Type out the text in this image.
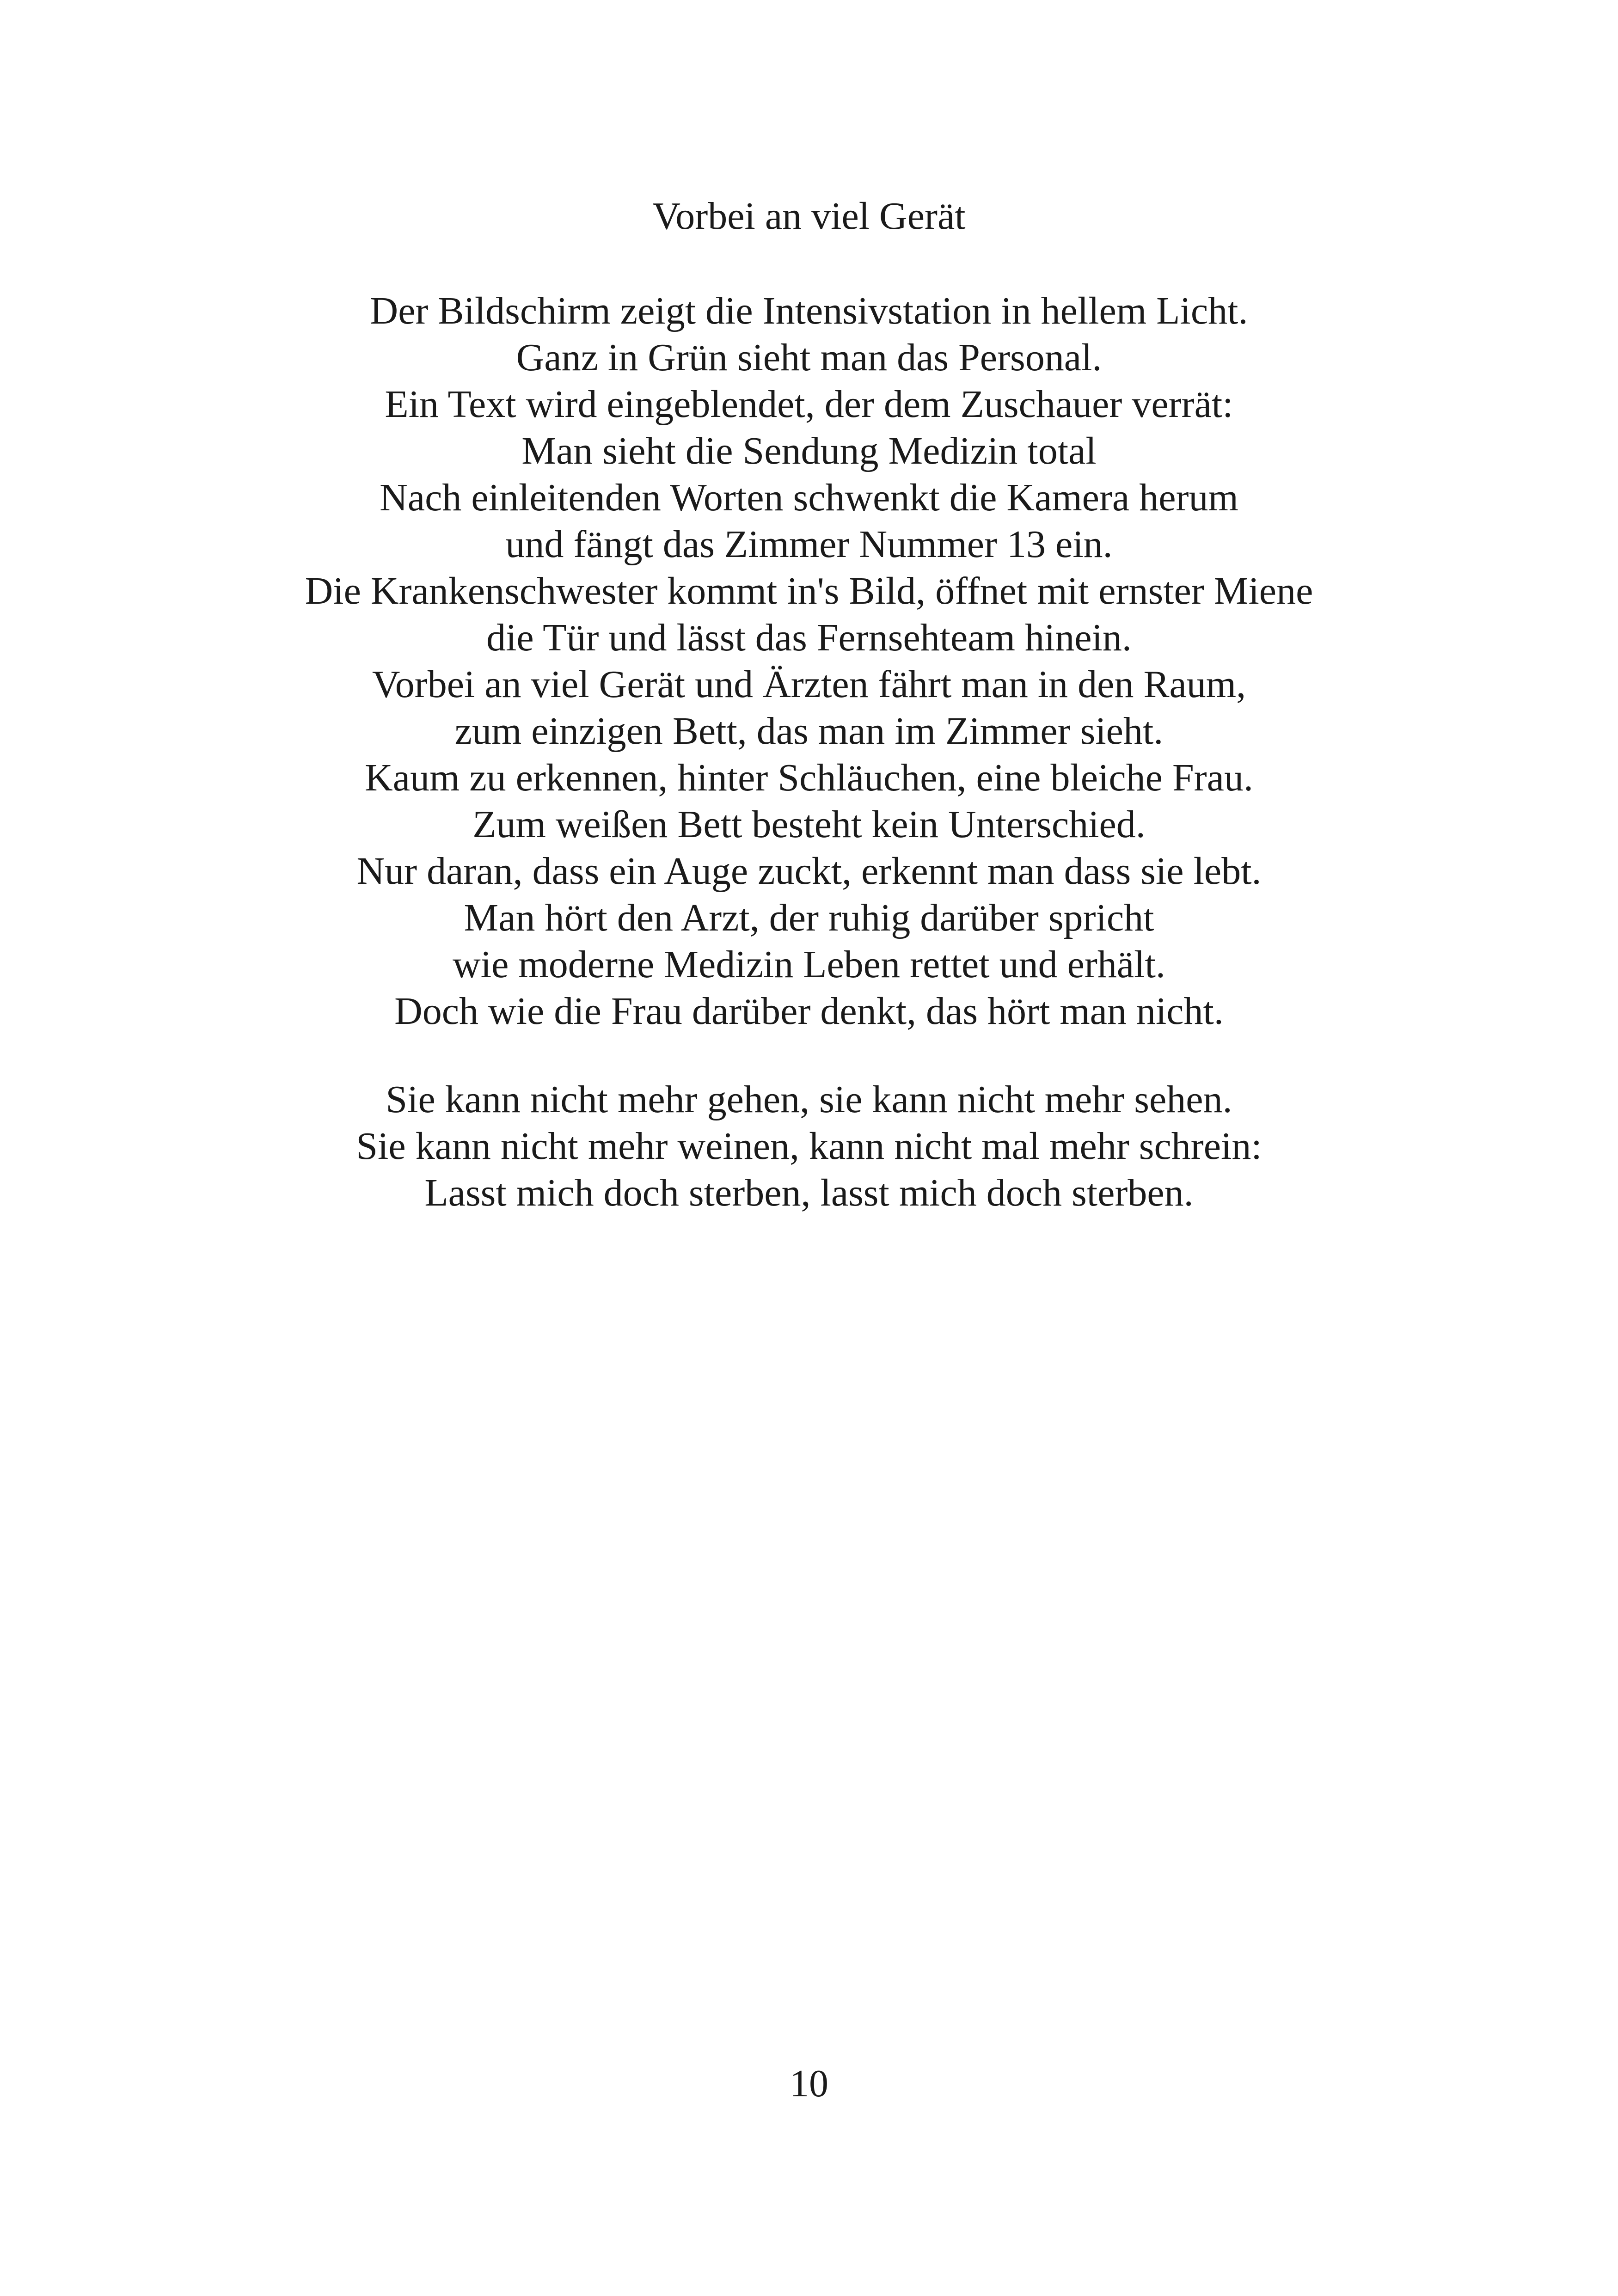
Vorbei an viel Gerät
Der Bildschirm zeigt die Intensivstation in hellem Licht.
Ganz in Grün sieht man das Personal.
Ein Text wird eingeblendet, der dem Zuschauer verrät:
Man sieht die Sendung Medizin total
Nach einleitenden Worten schwenkt die Kamera herum
und fängt das Zimmer Nummer 13 ein.
Die Krankenschwester kommt in's Bild, öffnet mit ernster Miene
die Tür und lässt das Fernsehteam hinein.
Vorbei an viel Gerät und Ärzten fährt man in den Raum,
zum einzigen Bett, das man im Zimmer sieht.
Kaum zu erkennen, hinter Schläuchen, eine bleiche Frau.
Zum weißen Bett besteht kein Unterschied.
Nur daran, dass ein Auge zuckt, erkennt man dass sie lebt.
Man hört den Arzt, der ruhig darüber spricht
wie moderne Medizin Leben rettet und erhält.
Doch wie die Frau darüber denkt, das hört man nicht.
Sie kann nicht mehr gehen, sie kann nicht mehr sehen.
Sie kann nicht mehr weinen, kann nicht mal mehr schrein:
Lasst mich doch sterben, lasst mich doch sterben.
10
